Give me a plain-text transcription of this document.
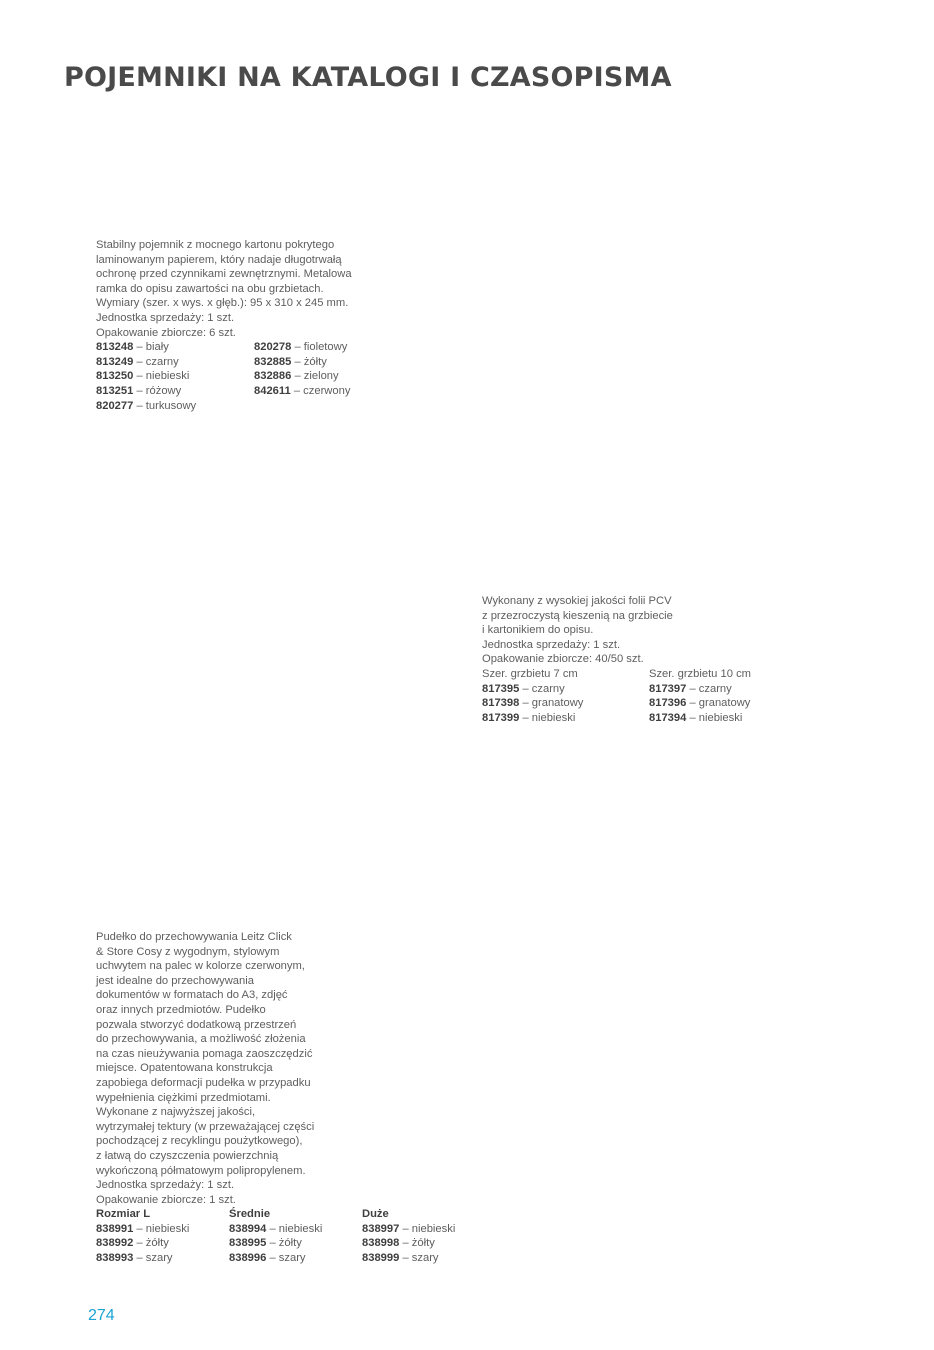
POJEMNIKI NA KATALOGI I CZASOPISMA

Stabilny pojemnik z mocnego kartonu pokrytego

laminowanym papierem, który nadaje długotrwałą

ochronę przed czynnikami zewnętrznymi. Metalowa

ramka do opisu zawartości na obu grzbietach.

Wymiary (szer. x wys. x głęb.): 95 x 310 x 245 mm.

Jednostka sprzedaży: 1 szt.

Opakowanie zbiorcze: 6 szt.

813248 – biały	820278 – fioletowy
813249 – czarny	832885 – żółty
813250 – niebieski	832886 – zielony
813251 – różowy	842611 – czerwony
820277 – turkusowy

Wykonany z wysokiej jakości folii PCV

z przezroczystą kieszenią na grzbiecie

i kartonikiem do opisu.

Jednostka sprzedaży: 1 szt.

Opakowanie zbiorcze: 40/50 szt.

Szer. grzbietu 7 cm	Szer. grzbietu 10 cm
817395 – czarny	817397 – czarny
817398 – granatowy	817396 – granatowy
817399 – niebieski	817394 – niebieski

Pudełko do przechowywania Leitz Click

& Store Cosy z wygodnym, stylowym

uchwytem na palec w kolorze czerwonym,

jest idealne do przechowywania

dokumentów w formatach do A3, zdjęć

oraz innych przedmiotów. Pudełko

pozwala stworzyć dodatkową przestrzeń

do przechowywania, a możliwość złożenia

na czas nieużywania pomaga zaoszczędzić

miejsce. Opatentowana konstrukcja

zapobiega deformacji pudełka w przypadku

wypełnienia ciężkimi przedmiotami.

Wykonane z najwyższej jakości,

wytrzymałej tektury (w przeważającej części

pochodzącej z recyklingu poużytkowego),

z łatwą do czyszczenia powierzchnią

wykończoną półmatowym polipropylenem.

Jednostka sprzedaży: 1 szt.

Opakowanie zbiorcze: 1 szt.

Rozmiar L	Średnie	Duże
838991 – niebieski	838994 – niebieski	838997 – niebieski
838992 – żółty	838995 – żółty	838998 – żółty
838993 – szary	838996 – szary	838999 – szary
274
